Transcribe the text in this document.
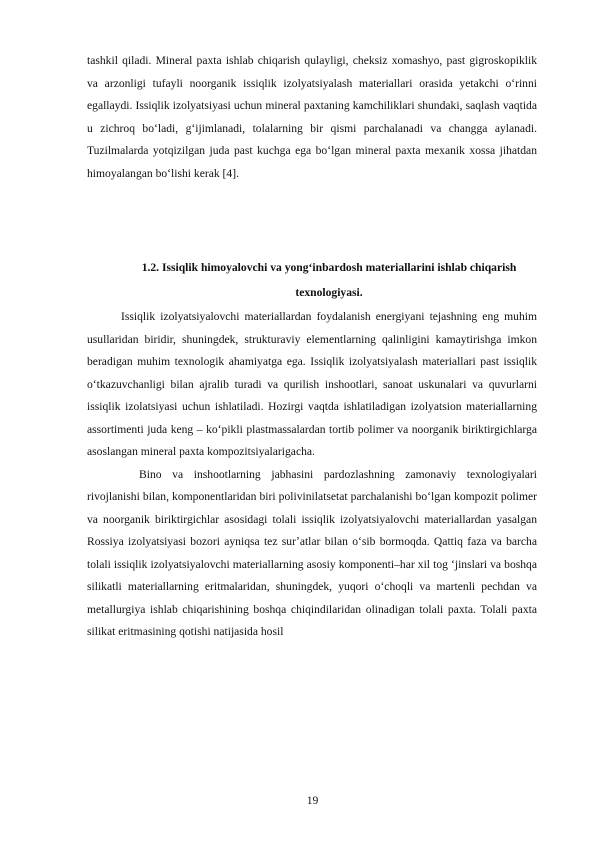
tashkil qiladi. Mineral paxta ishlab chiqarish qulayligi, cheksiz xomashyo, past gigroskopiklik va arzonligi tufayli noorganik issiqlik izolyatsiyalash materiallari orasida yetakchi oʻrinni egallaydi. Issiqlik izolyatsiyasi uchun mineral paxtaning kamchiliklari shundaki, saqlash vaqtida u zichroq boʻladi, gʻijimlanadi, tolalarning bir qismi parchalanadi va changga aylanadi. Tuzilmalarda yotqizilgan juda past kuchga ega boʻlgan mineral paxta mexanik xossa jihatdan himoyalangan boʻlishi kerak [4].

1.2. Issiqlik himoyalovchi va yongʻinbardosh materiallarini ishlab chiqarish texnologiyasi.

Issiqlik izolyatsiyalovchi materiallardan foydalanish energiyani tejashning eng muhim usullaridan biridir, shuningdek, strukturaviy elementlarning qalinligini kamaytirishga imkon beradigan muhim texnologik ahamiyatga ega. Issiqlik izolyatsiyalash materiallari past issiqlik oʻtkazuvchanligi bilan ajralib turadi va qurilish inshootlari, sanoat uskunalari va quvurlarni issiqlik izolatsiyasi uchun ishlatiladi. Hozirgi vaqtda ishlatiladigan izolyatsion materiallarning assortimenti juda keng – koʻpikli plastmassalardan tortib polimer va noorganik biriktirgichlarga asoslangan mineral paxta kompozitsiyalarigacha.

Bino va inshootlarning jabhasini pardozlashning zamonaviy texnologiyalari rivojlanishi bilan, komponentlaridan biri polivinilatsetat parchalanishi boʻlgan kompozit polimer va noorganik biriktirgichlar asosidagi tolali issiqlik izolyatsiyalovchi materiallardan yasalgan Rossiya izolyatsiyasi bozori ayniqsa tez surʼatlar bilan oʻsib bormoqda. Qattiq faza va barcha tolali issiqlik izolyatsiyalovchi materiallarning asosiy komponenti–har xil tog ʻjinslari va boshqa silikatli materiallarning eritmalaridan, shuningdek, yuqori oʻchoqli va martenli pechdan va metallurgiya ishlab chiqarishining boshqa chiqindilaridan olinadigan tolali paxta. Tolali paxta silikat eritmasining qotishi natijasida hosil

19
